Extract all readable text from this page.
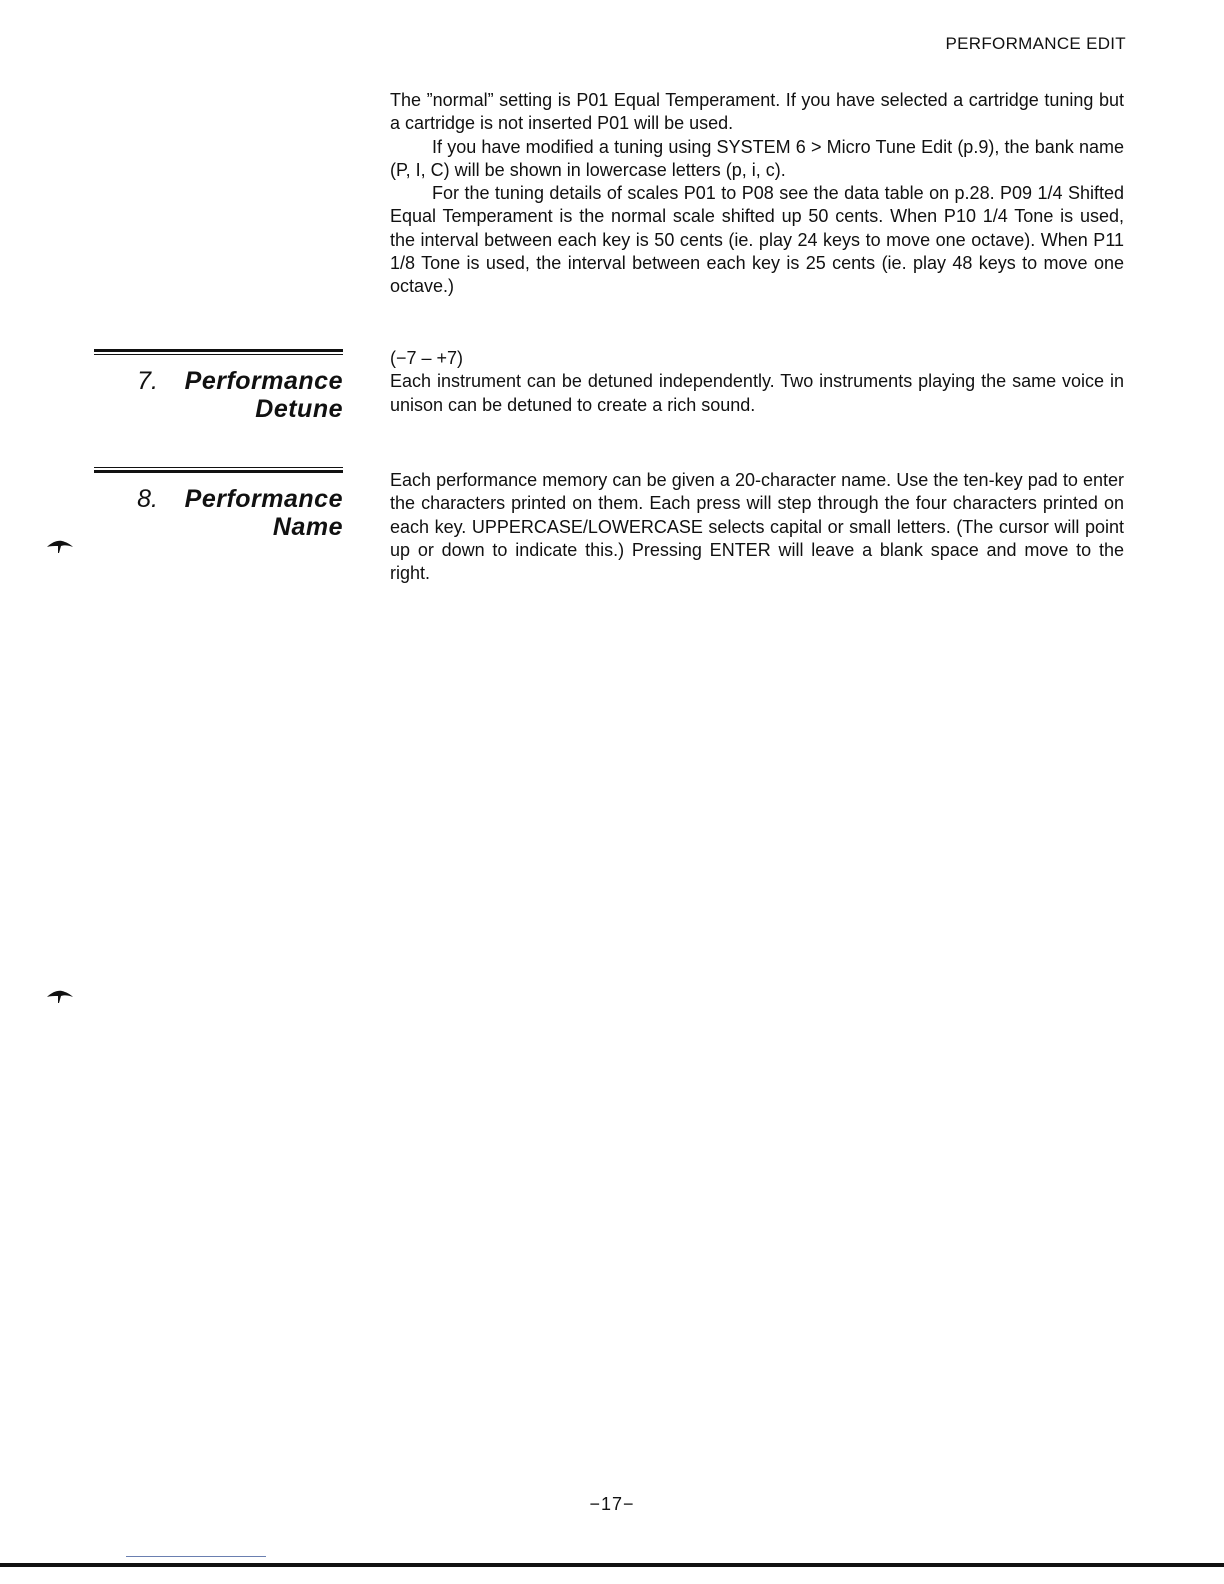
PERFORMANCE EDIT

The ”normal” setting is P01 Equal Temperament. If you have selected a cartridge tuning but a cartridge is not inserted P01 will be used.

If you have modified a tuning using SYSTEM 6 > Micro Tune Edit (p.9), the bank name (P, I, C) will be shown in lowercase letters (p, i, c).

For the tuning details of scales P01 to P08 see the data table on p.28. P09 1/4 Shifted Equal Temperament is the normal scale shifted up 50 cents. When P10 1/4 Tone is used, the interval between each key is 50 cents (ie. play 24 keys to move one octave). When P11 1/8 Tone is used, the interval between each key is 25 cents (ie. play 48 keys to move one octave.)

7.	Performance
Detune

(−7 – +7)

Each instrument can be detuned independently. Two instruments playing the same voice in unison can be detuned to create a rich sound.

8.	Performance
Name

Each performance memory can be given a 20-character name. Use the ten-key pad to enter the characters printed on them. Each press will step through the four characters printed on each key. UPPERCASE/LOWERCASE selects capital or small letters. (The cursor will point up or down to indicate this.) Pressing ENTER will leave a blank space and move to the right.

−17−
